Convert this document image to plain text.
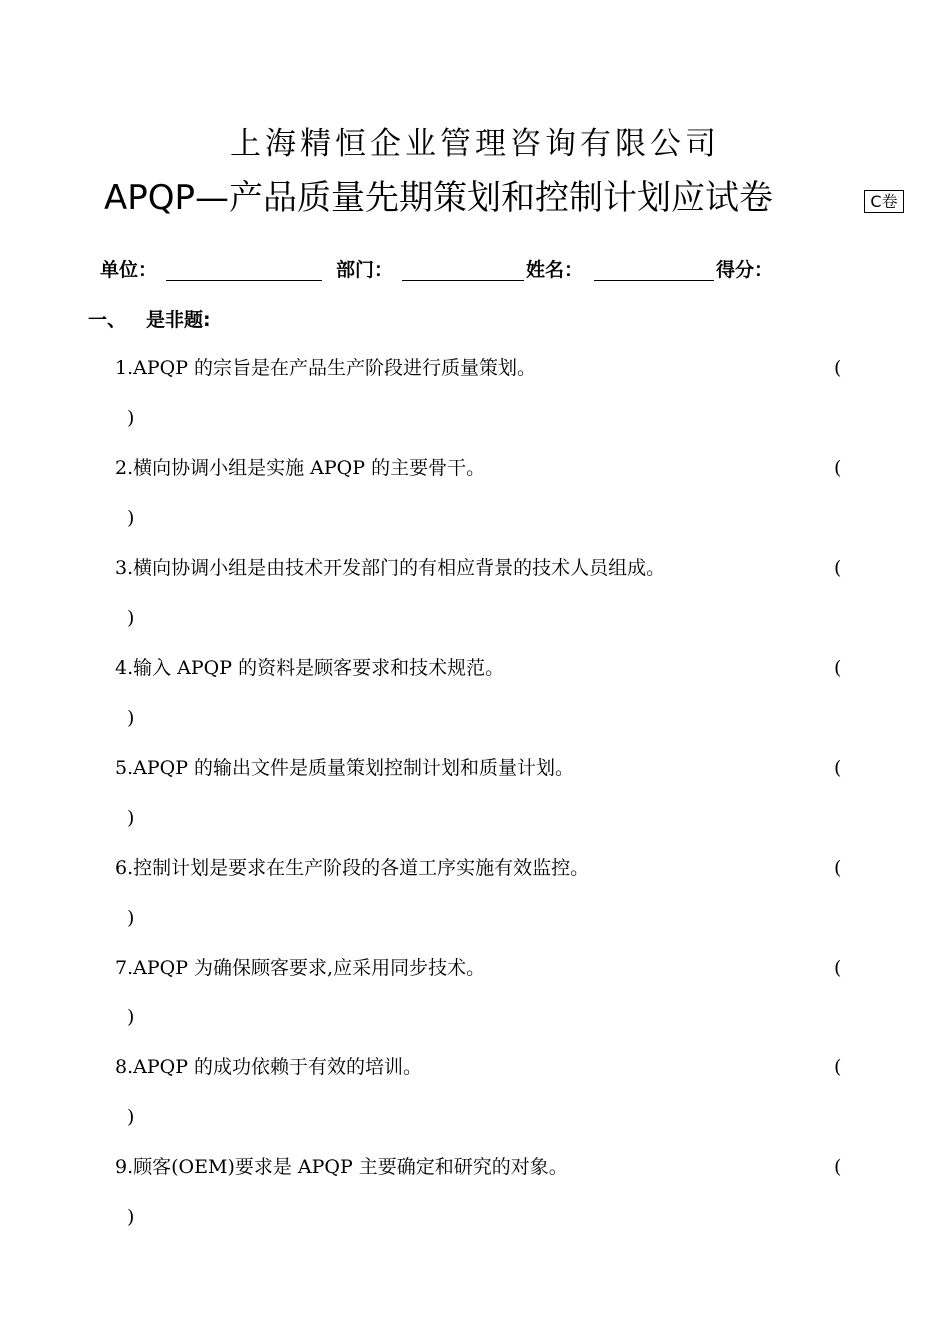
上海精恒企业管理咨询有限公司
APQP—产品质量先期策划和控制计划应试卷	C卷
单位：	部门：	姓名：	得分：
一、 是非题:
1.APQP 的宗旨是在产品生产阶段进行质量策划。	(
)
2.横向协调小组是实施 APQP 的主要骨干。	(
)
3.横向协调小组是由技术开发部门的有相应背景的技术人员组成。	(
)
4.输入 APQP 的资料是顾客要求和技术规范。	(
)
5.APQP 的输出文件是质量策划控制计划和质量计划。	(
)
6.控制计划是要求在生产阶段的各道工序实施有效监控。	(
)
7.APQP 为确保顾客要求,应采用同步技术。	(
)
8.APQP 的成功依赖于有效的培训。	(
)
9.顾客(OEM)要求是 APQP 主要确定和研究的对象。	(
)
